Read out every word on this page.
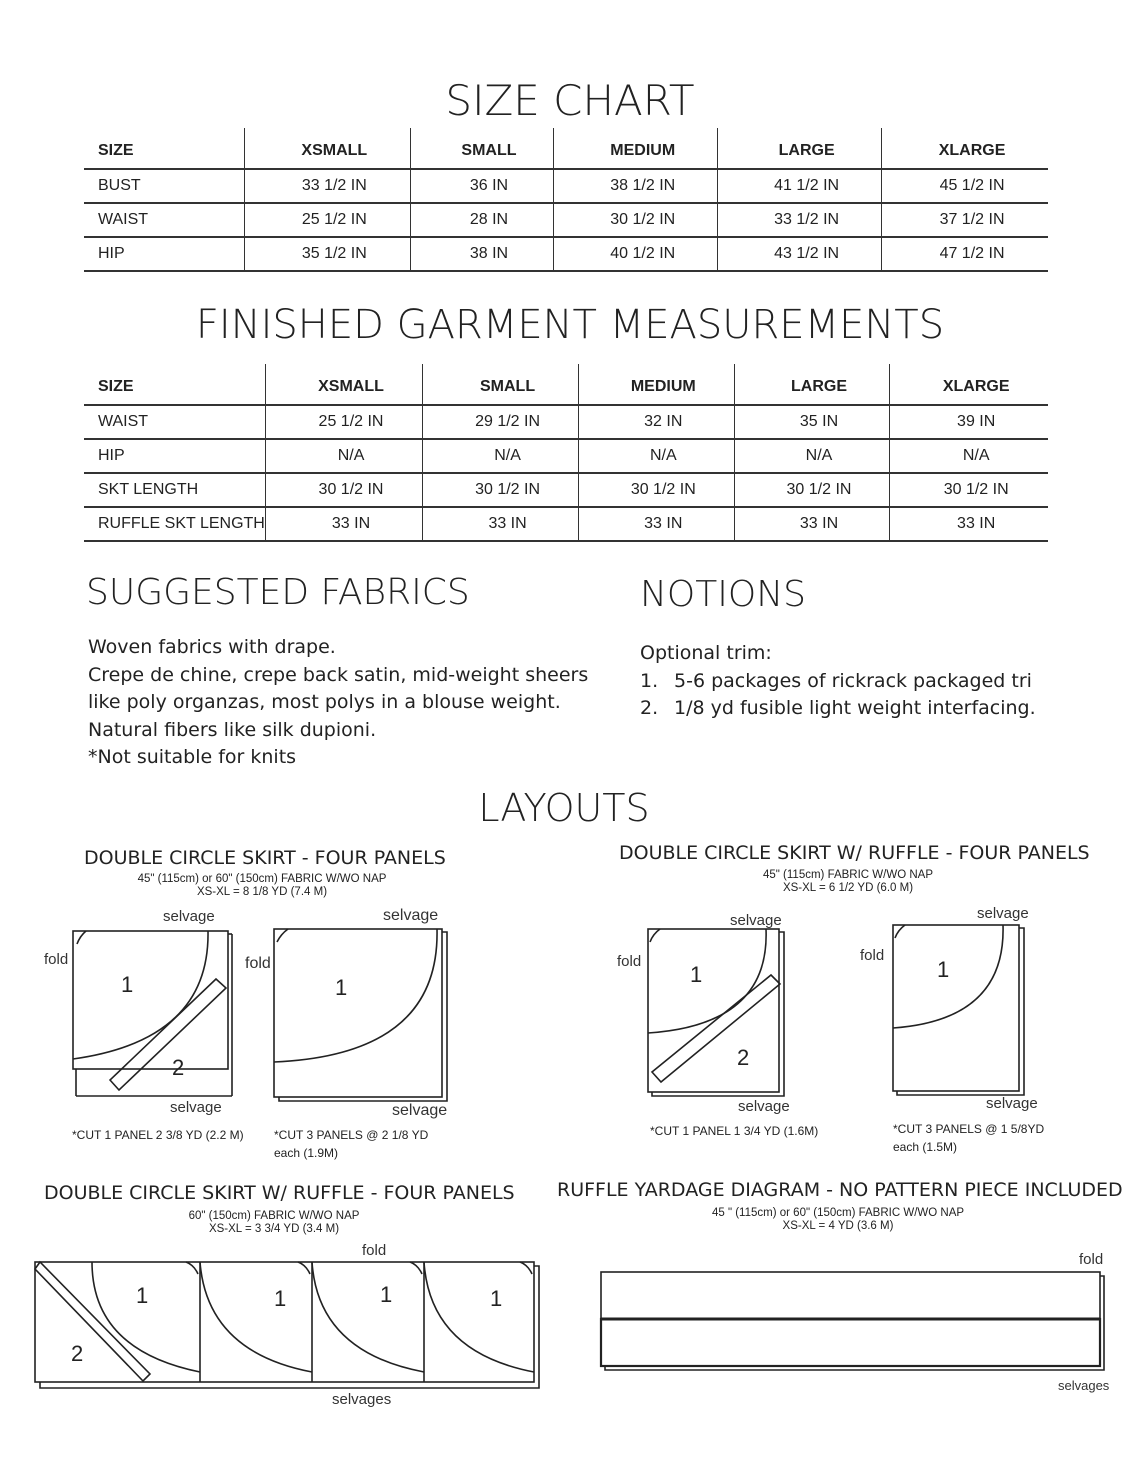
SIZE CHART
SIZE	XSMALL	SMALL	MEDIUM	LARGE	XLARGE
BUST	33 1/2 IN	36 IN	38 1/2 IN	41 1/2 IN	45 1/2 IN
WAIST	25 1/2 IN	28 IN	30 1/2 IN	33 1/2 IN	37 1/2 IN
HIP	35 1/2 IN	38 IN	40 1/2 IN	43 1/2 IN	47 1/2 IN
FINISHED GARMENT MEASUREMENTS
SIZE	XSMALL	SMALL	MEDIUM	LARGE	XLARGE
WAIST	25 1/2 IN	29 1/2 IN	32 IN	35 IN	39 IN
HIP	N/A	N/A	N/A	N/A	N/A
SKT LENGTH	30 1/2 IN	30 1/2 IN	30 1/2 IN	30 1/2 IN	30 1/2 IN
RUFFLE SKT LENGTH	33 IN	33 IN	33 IN	33 IN	33 IN
SUGGESTED FABRICS
Woven fabrics with drape.
Crepe de chine, crepe back satin, mid-weight sheers
like poly organzas, most polys in a blouse weight.
Natural fibers like silk dupioni.
*Not suitable for knits
NOTIONS
Optional trim:
1. 5-6 packages of rickrack packaged tri
2. 1/8 yd fusible light weight interfacing.
LAYOUTS
DOUBLE CIRCLE SKIRT - FOUR PANELS
45" (115cm) or 60" (150cm) FABRIC W/WO NAP
XS-XL = 8 1/8 YD (7.4 M)
selvage	selvage
fold	fold
1
2
1
selvage	selvage
*CUT 1 PANEL 2 3/8 YD (2.2 M)	*CUT 3 PANELS @ 2 1/8 YD
each (1.9M)
DOUBLE CIRCLE SKIRT W/ RUFFLE - FOUR PANELS
45" (115cm) FABRIC W/WO NAP
XS-XL = 6 1/2 YD (6.0 M)
selvage	selvage
fold	fold
1
2
1
selvage	selvage
*CUT 1 PANEL 1 3/4 YD (1.6M)	*CUT 3 PANELS @ 1 5/8YD
each (1.5M)
DOUBLE CIRCLE SKIRT W/ RUFFLE - FOUR PANELS
60" (150cm) FABRIC W/WO NAP
XS-XL = 3 3/4 YD (3.4 M)
fold
1	1	1	1
2
selvages
RUFFLE YARDAGE DIAGRAM - NO PATTERN PIECE INCLUDED
45 " (115cm) or 60" (150cm) FABRIC W/WO NAP
XS-XL = 4 YD (3.6 M)
fold
selvages
